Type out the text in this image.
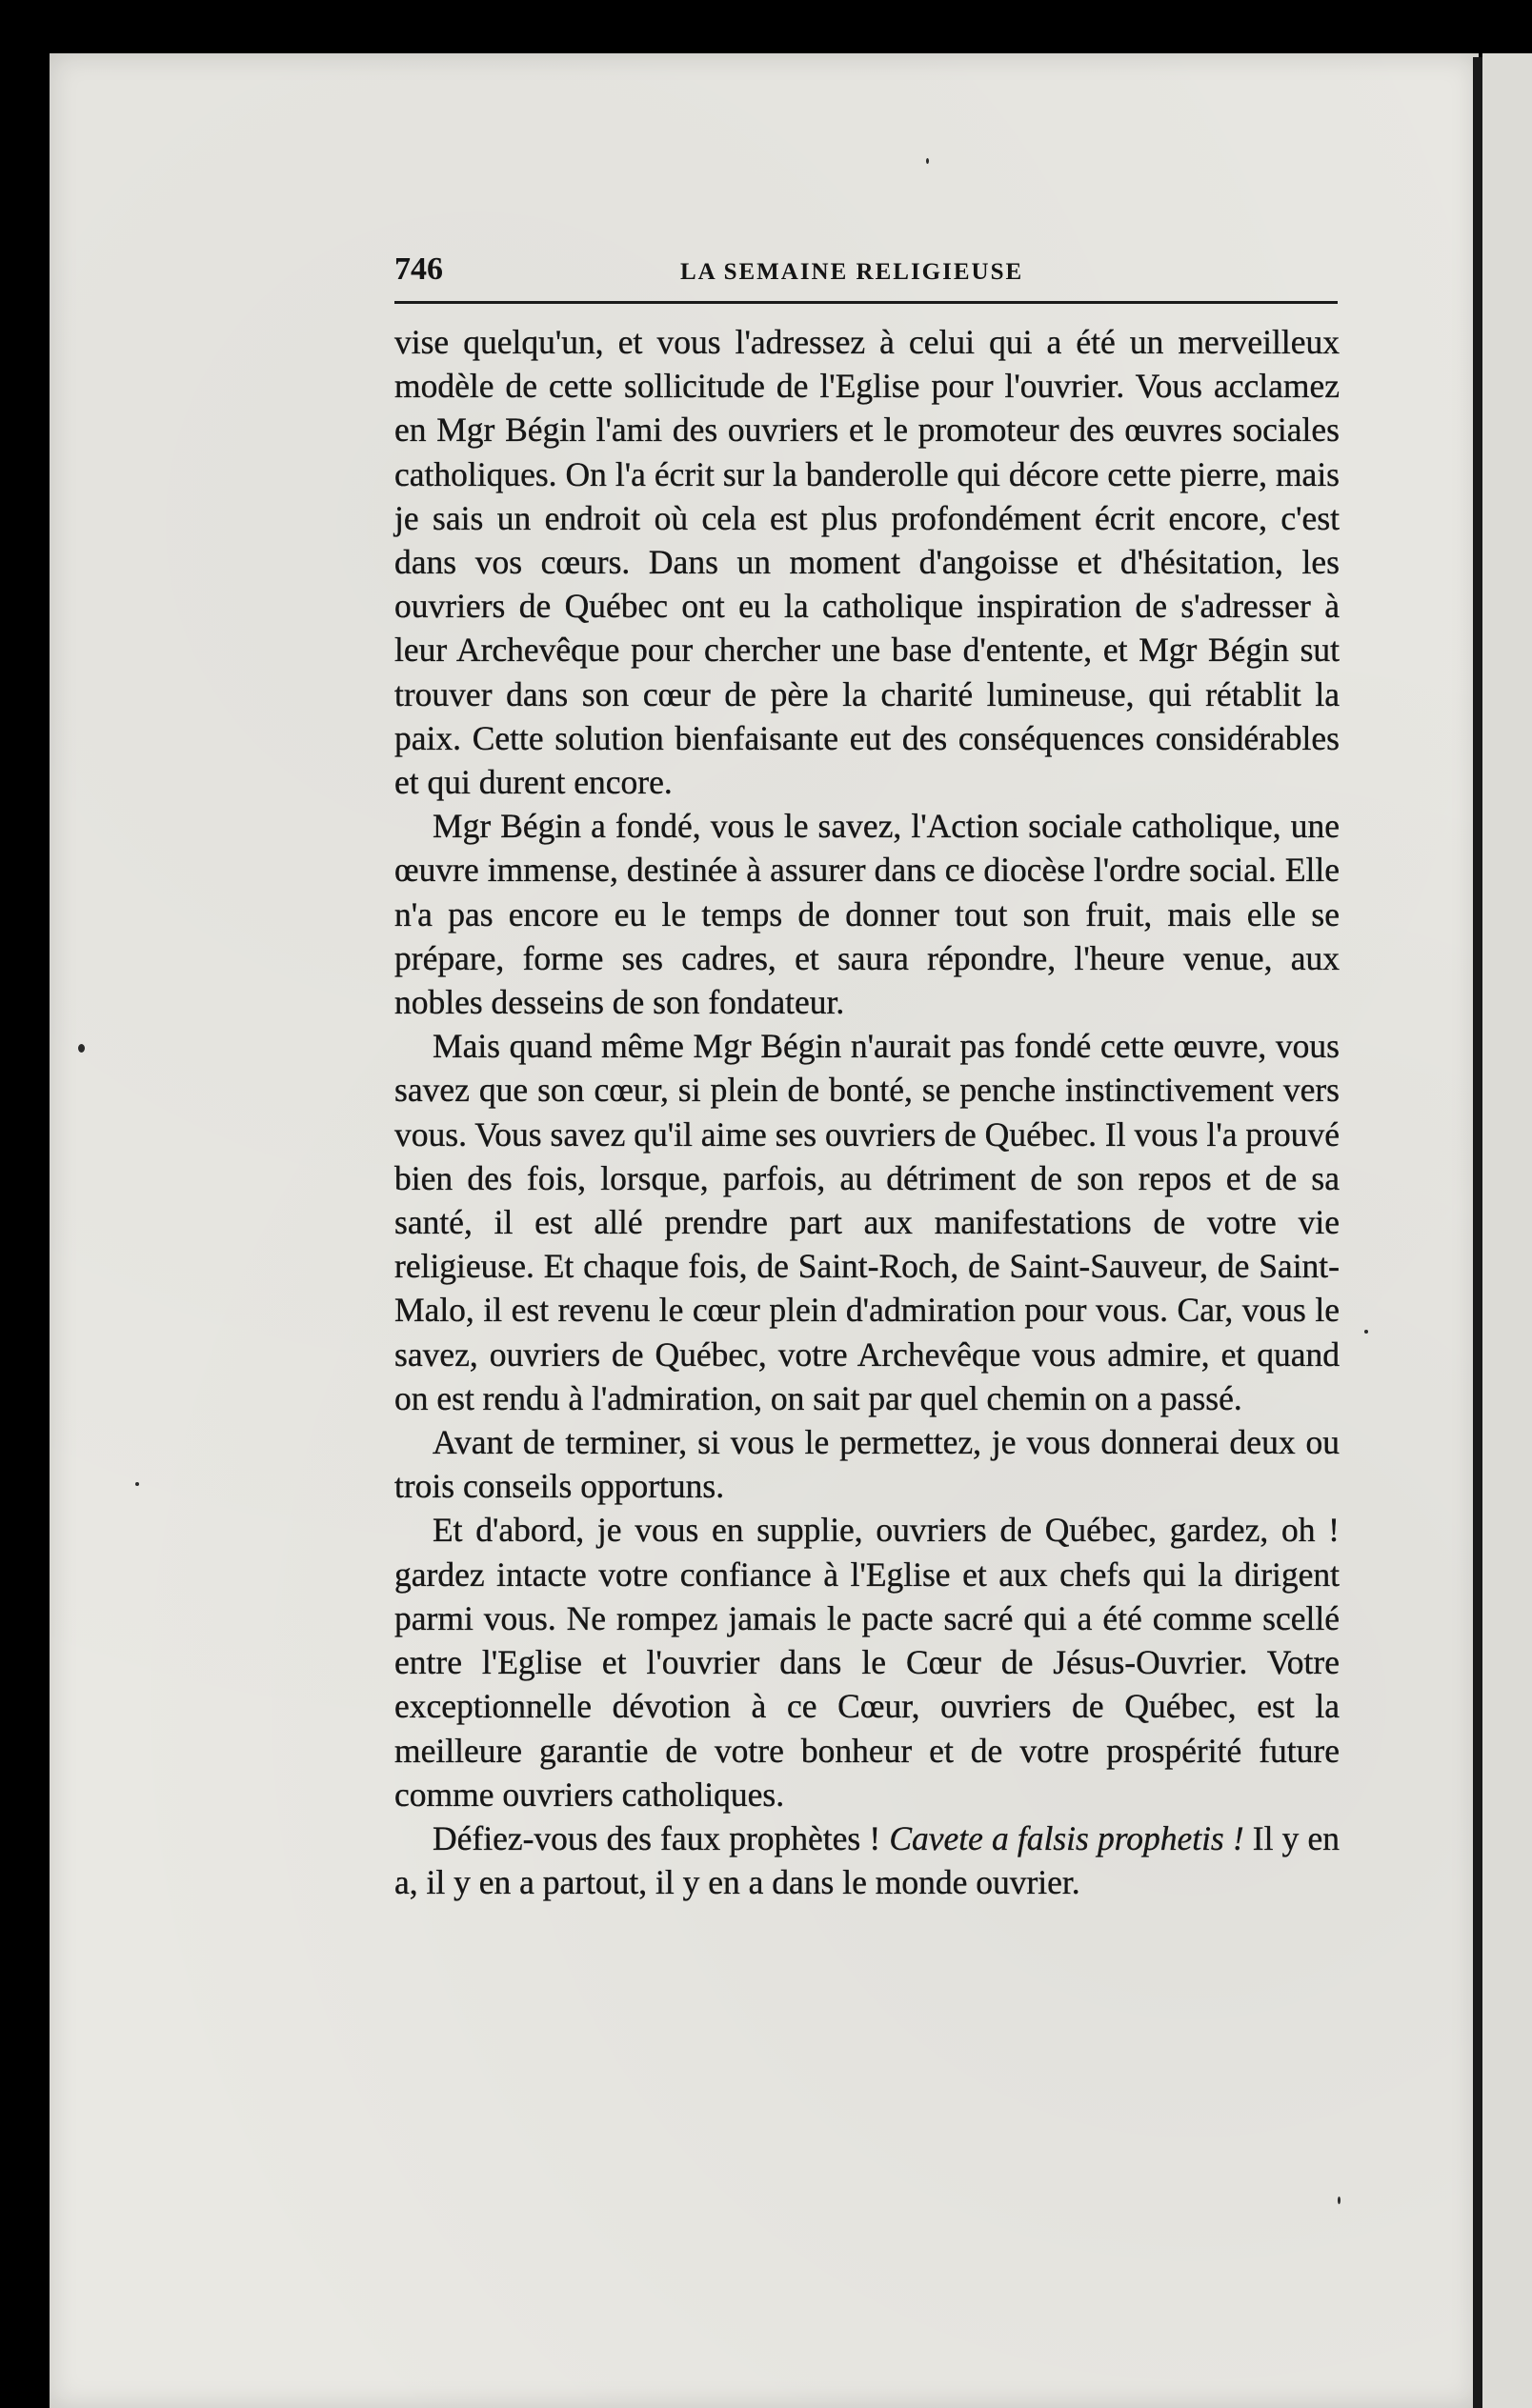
746	LA SEMAINE RELIGIEUSE

vise quelqu'un, et vous l'adressez à celui qui a été un merveilleux modèle de cette sollicitude de l'Eglise pour l'ouvrier. Vous acclamez en Mgr Bégin l'ami des ouvriers et le promoteur des œuvres sociales catholiques. On l'a écrit sur la banderolle qui décore cette pierre, mais je sais un endroit où cela est plus profondément écrit encore, c'est dans vos cœurs. Dans un moment d'angoisse et d'hésitation, les ouvriers de Québec ont eu la catholique inspiration de s'adresser à leur Archevêque pour chercher une base d'entente, et Mgr Bégin sut trouver dans son cœur de père la charité lumineuse, qui rétablit la paix. Cette solution bienfaisante eut des conséquences considérables et qui durent encore.

Mgr Bégin a fondé, vous le savez, l'Action sociale catholique, une œuvre immense, destinée à assurer dans ce diocèse l'ordre social. Elle n'a pas encore eu le temps de donner tout son fruit, mais elle se prépare, forme ses cadres, et saura répondre, l'heure venue, aux nobles desseins de son fondateur.

Mais quand même Mgr Bégin n'aurait pas fondé cette œuvre, vous savez que son cœur, si plein de bonté, se penche instinctivement vers vous. Vous savez qu'il aime ses ouvriers de Québec. Il vous l'a prouvé bien des fois, lorsque, parfois, au détriment de son repos et de sa santé, il est allé prendre part aux manifestations de votre vie religieuse. Et chaque fois, de Saint-Roch, de Saint-Sauveur, de Saint-Malo, il est revenu le cœur plein d'admiration pour vous. Car, vous le savez, ouvriers de Québec, votre Archevêque vous admire, et quand on est rendu à l'admiration, on sait par quel chemin on a passé.

Avant de terminer, si vous le permettez, je vous donnerai deux ou trois conseils opportuns.

Et d'abord, je vous en supplie, ouvriers de Québec, gardez, oh ! gardez intacte votre confiance à l'Eglise et aux chefs qui la dirigent parmi vous. Ne rompez jamais le pacte sacré qui a été comme scellé entre l'Eglise et l'ouvrier dans le Cœur de Jésus-Ouvrier. Votre exceptionnelle dévotion à ce Cœur, ouvriers de Québec, est la meilleure garantie de votre bonheur et de votre prospérité future comme ouvriers catholiques.

Défiez-vous des faux prophètes ! Cavete a falsis prophetis ! Il y en a, il y en a partout, il y en a dans le monde ouvrier.
